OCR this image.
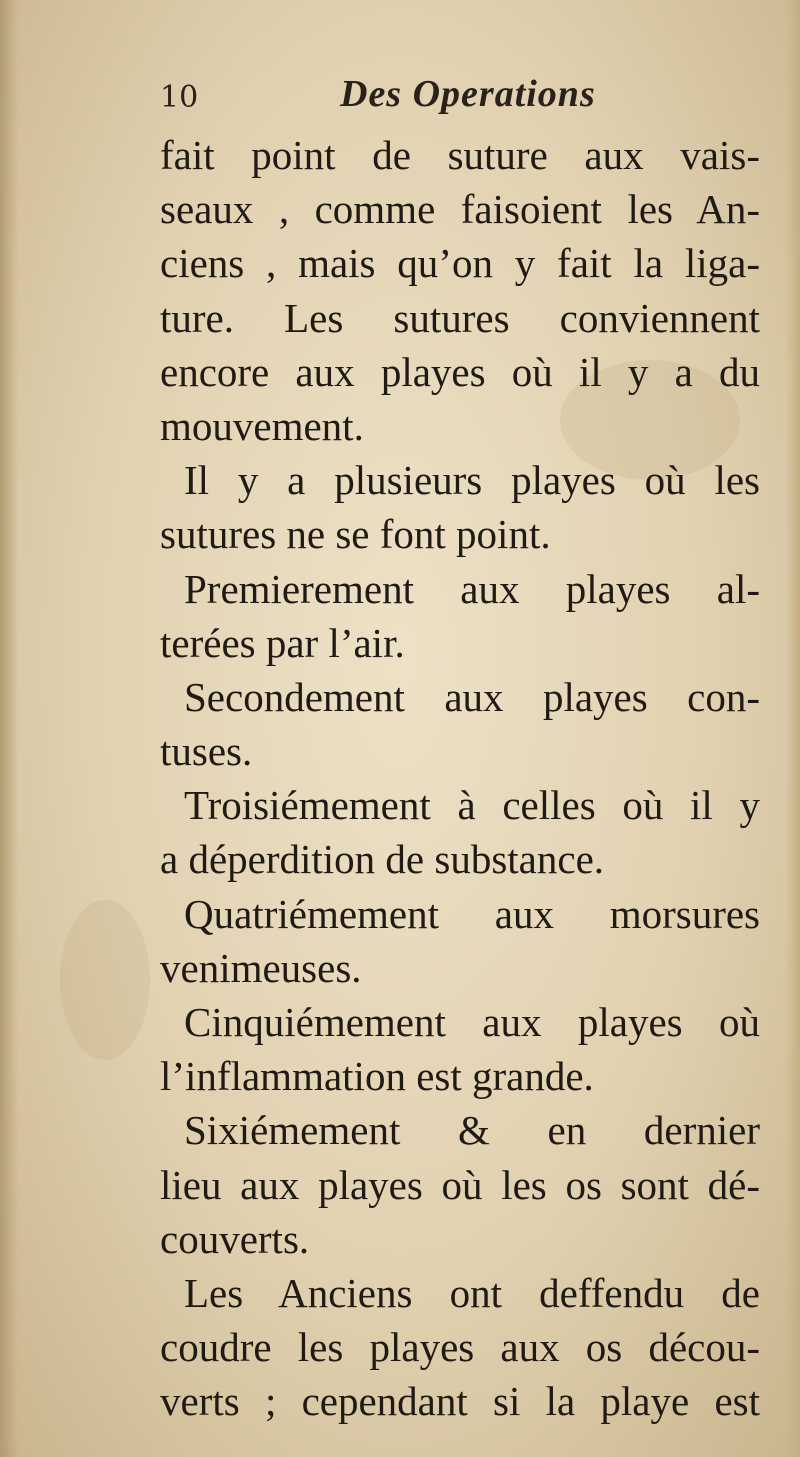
10	Des Operations
fait point de suture aux vais-
seaux , comme faisoient les An-
ciens , mais qu’on y fait la liga-
ture. Les sutures conviennent
encore aux playes où il y a du
mouvement.
Il y a plusieurs playes où les
sutures ne se font point.
Premierement aux playes al-
terées par l’air.
Secondement aux playes con-
tuses.
Troisiémement à celles où il y
a déperdition de substance.
Quatriémement aux morsures
venimeuses.
Cinquiémement aux playes où
l’inflammation est grande.
Sixiémement & en dernier
lieu aux playes où les os sont dé-
couverts.
Les Anciens ont deffendu de
coudre les playes aux os décou-
verts ; cependant si la playe est
